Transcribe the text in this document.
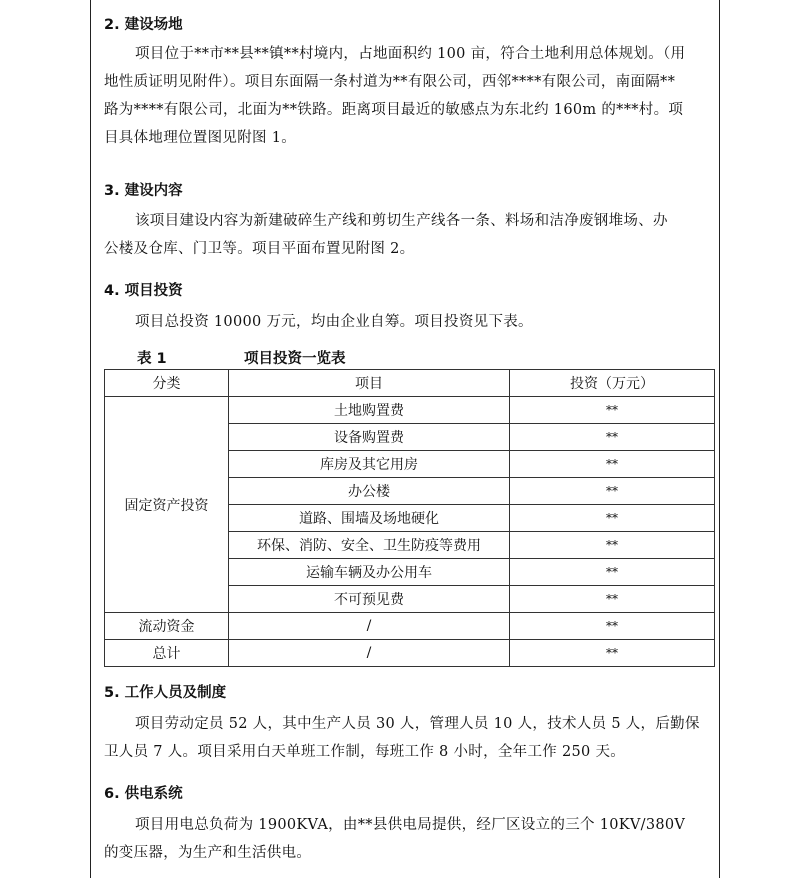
2. 建设场地
项目位于**市**县**镇**村境内，占地面积约 100 亩，符合土地利用总体规划。（用
地性质证明见附件）。项目东面隔一条村道为**有限公司，西邻****有限公司，南面隔**
路为****有限公司，北面为**铁路。距离项目最近的敏感点为东北约 160m 的***村。项
目具体地理位置图见附图 1。
3. 建设内容
该项目建设内容为新建破碎生产线和剪切生产线各一条、料场和洁净废钢堆场、办
公楼及仓库、门卫等。项目平面布置见附图 2。
4. 项目投资
项目总投资 10000 万元，均由企业自筹。项目投资见下表。
表 1	项目投资一览表
分类	项目	投资（万元）
固定资产投资	土地购置费	**
	设备购置费	**
	库房及其它用房	**
	办公楼	**
	道路、围墙及场地硬化	**
	环保、消防、安全、卫生防疫等费用	**
	运输车辆及办公用车	**
	不可预见费	**
流动资金	/	**
总计	/	**
5. 工作人员及制度
项目劳动定员 52 人，其中生产人员 30 人，管理人员 10 人，技术人员 5 人，后勤保
卫人员 7 人。项目采用白天单班工作制，每班工作 8 小时，全年工作 250 天。
6. 供电系统
项目用电总负荷为 1900KVA，由**县供电局提供，经厂区设立的三个 10KV/380V
的变压器，为生产和生活供电。
